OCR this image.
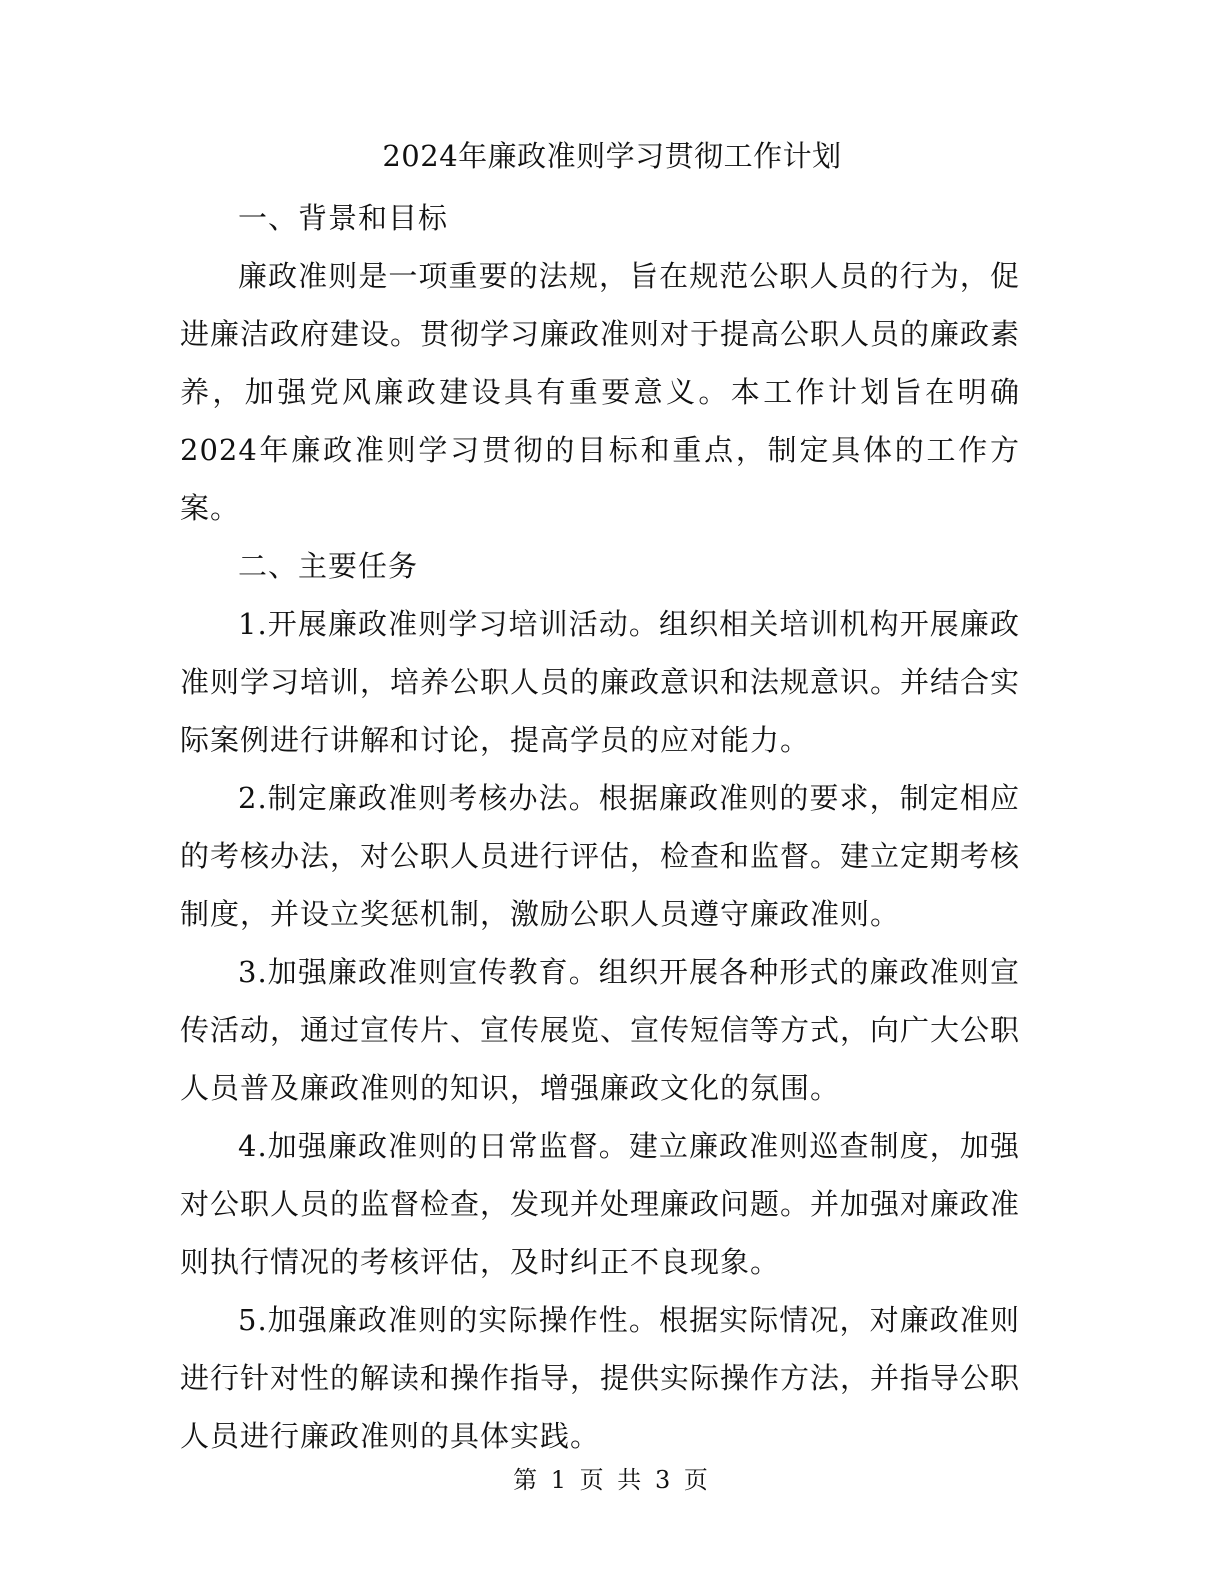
2024年廉政准则学习贯彻工作计划

一、背景和目标

廉政准则是一项重要的法规，旨在规范公职人员的行为，促进廉洁政府建设。贯彻学习廉政准则对于提高公职人员的廉政素养，加强党风廉政建设具有重要意义。本工作计划旨在明确2024年廉政准则学习贯彻的目标和重点，制定具体的工作方案。

二、主要任务

1.开展廉政准则学习培训活动。组织相关培训机构开展廉政准则学习培训，培养公职人员的廉政意识和法规意识。并结合实际案例进行讲解和讨论，提高学员的应对能力。

2.制定廉政准则考核办法。根据廉政准则的要求，制定相应的考核办法，对公职人员进行评估，检查和监督。建立定期考核制度，并设立奖惩机制，激励公职人员遵守廉政准则。

3.加强廉政准则宣传教育。组织开展各种形式的廉政准则宣传活动，通过宣传片、宣传展览、宣传短信等方式，向广大公职人员普及廉政准则的知识，增强廉政文化的氛围。

4.加强廉政准则的日常监督。建立廉政准则巡查制度，加强对公职人员的监督检查，发现并处理廉政问题。并加强对廉政准则执行情况的考核评估，及时纠正不良现象。

5.加强廉政准则的实际操作性。根据实际情况，对廉政准则进行针对性的解读和操作指导，提供实际操作方法，并指导公职人员进行廉政准则的具体实践。

第 1 页 共 3 页
